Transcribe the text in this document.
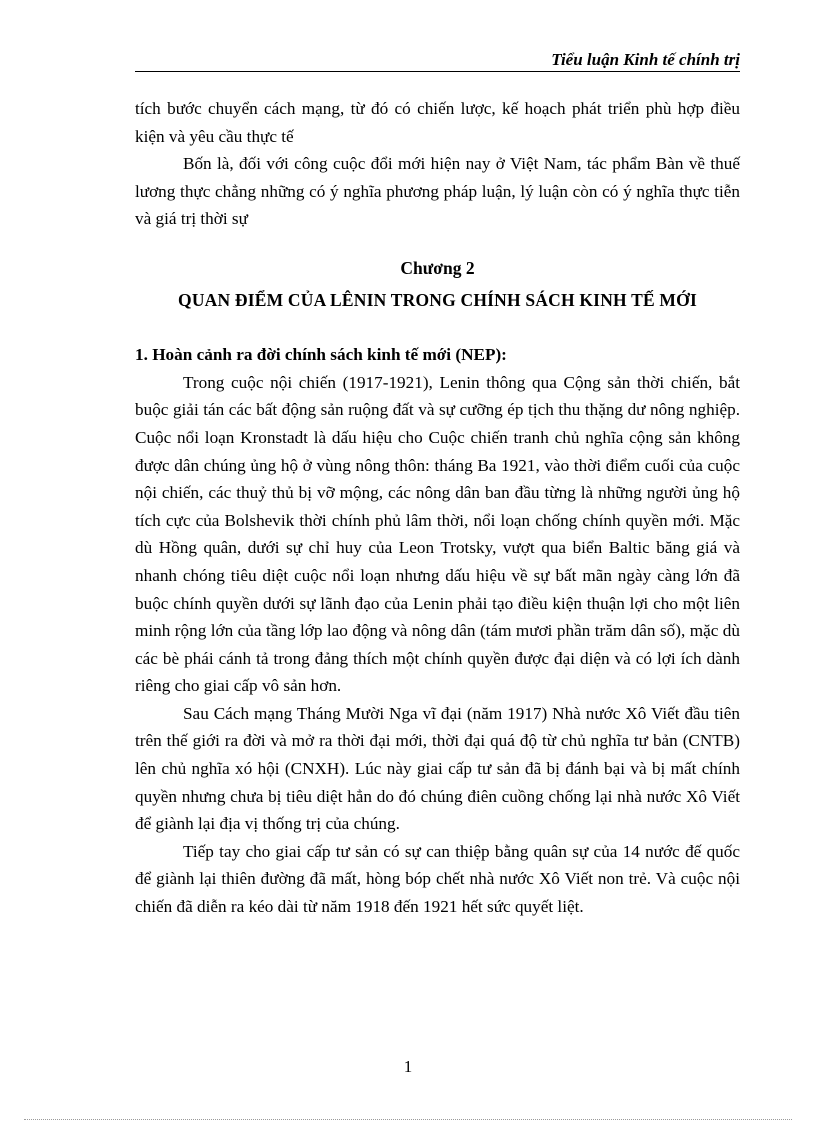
Tiểu luận Kinh tế chính trị

tích bước chuyển cách mạng, từ đó có chiến lược, kế hoạch phát triển phù hợp điều kiện và yêu cầu thực tế

Bốn là, đối với công cuộc đổi mới hiện nay ở Việt Nam, tác phẩm Bàn về thuế lương thực chẳng những có ý nghĩa phương pháp luận, lý luận còn có ý nghĩa thực tiễn và giá trị thời sự

Chương 2

QUAN ĐIỂM CỦA LÊNIN TRONG CHÍNH SÁCH KINH TẾ MỚI

1. Hoàn cảnh ra đời chính sách kinh tế mới (NEP):

Trong cuộc nội chiến (1917-1921), Lenin thông qua Cộng sản thời chiến, bắt buộc giải tán các bất động sản ruộng đất và sự cưỡng ép tịch thu thặng dư nông nghiệp. Cuộc nổi loạn Kronstadt là dấu hiệu cho Cuộc chiến tranh chủ nghĩa cộng sản không được dân chúng ủng hộ ở vùng nông thôn: tháng Ba 1921, vào thời điểm cuối của cuộc nội chiến, các thuỷ thủ bị vỡ mộng, các nông dân ban đầu từng là những người ủng hộ tích cực của Bolshevik thời chính phủ lâm thời, nổi loạn chống chính quyền mới. Mặc dù Hồng quân, dưới sự chỉ huy của Leon Trotsky, vượt qua biển Baltic băng giá và nhanh chóng tiêu diệt cuộc nổi loạn nhưng dấu hiệu về sự bất mãn ngày càng lớn đã buộc chính quyền dưới sự lãnh đạo của Lenin phải tạo điều kiện thuận lợi cho một liên minh rộng lớn của tầng lớp lao động và nông dân (tám mươi phần trăm dân số), mặc dù các bè phái cánh tả trong đảng thích một chính quyền được đại diện và có lợi ích dành riêng cho giai cấp vô sản hơn.

Sau Cách mạng Tháng Mười Nga vĩ đại (năm 1917) Nhà nước Xô Viết đầu tiên trên thế giới ra đời và mở ra thời đại mới, thời đại quá độ từ chủ nghĩa tư bản (CNTB) lên chủ nghĩa xó hội (CNXH). Lúc này giai cấp tư sản đã bị đánh bại và bị mất chính quyền nhưng chưa bị tiêu diệt hẳn do đó chúng điên cuồng chống lại nhà nước Xô Viết để giành lại địa vị thống trị của chúng.

Tiếp tay cho giai cấp tư sản có sự can thiệp bằng quân sự của 14 nước đế quốc để giành lại thiên đường đã mất, hòng bóp chết nhà nước Xô Viết non trẻ. Và cuộc nội chiến đã diễn ra kéo dài từ năm 1918 đến 1921 hết sức quyết liệt.

1
